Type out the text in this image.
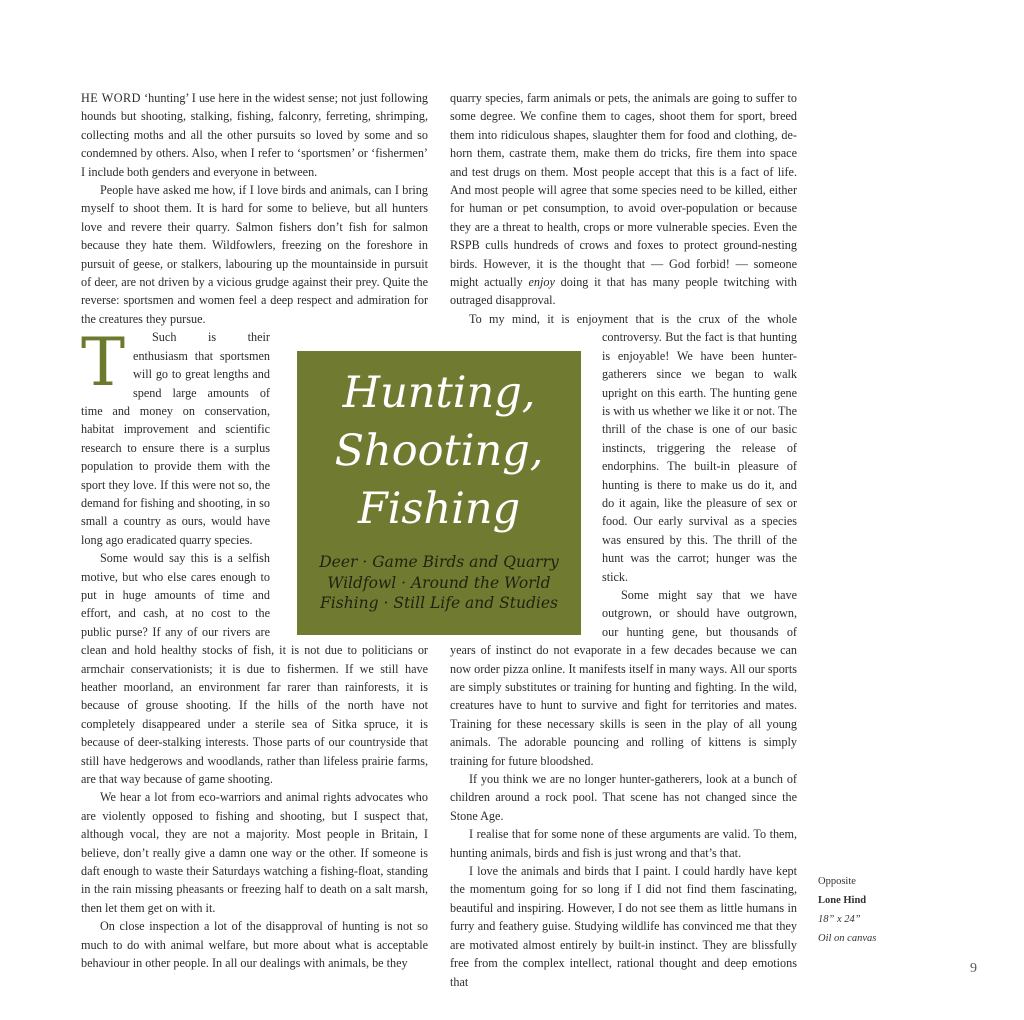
T
HE WORD ‘hunting’ I use here in the widest sense; not just following hounds but shooting, stalking, fishing, falconry, ferreting, shrimping, collecting moths and all the other pursuits so loved by some and so condemned by others. Also, when I refer to ‘sportsmen’ or ‘fishermen’ I include both genders and everyone in between.

People have asked me how, if I love birds and animals, can I bring myself to shoot them. It is hard for some to believe, but all hunters love and revere their quarry. Salmon fishers don’t fish for salmon because they hate them. Wildfowlers, freezing on the foreshore in pursuit of geese, or stalkers, labouring up the mountainside in pursuit of deer, are not driven by a vicious grudge against their prey. Quite the reverse: sportsmen and women feel a deep respect and admiration for the creatures they pursue.

Such is their enthusiasm that sportsmen will go to great lengths and spend large amounts of time and money on conservation, habitat improvement and scientific research to ensure there is a surplus population to provide them with the sport they love. If this were not so, the demand for fishing and shooting, in so small a country as ours, would have long ago eradicated quarry species.

Some would say this is a selfish motive, but who else cares enough to put in huge amounts of time and effort, and cash, at no cost to the public purse? If any of our rivers are clean and hold healthy stocks of fish, it is not due to politicians or armchair conservationists; it is due to fishermen. If we still have heather moorland, an environment far rarer than rainforests, it is because of grouse shooting. If the hills of the north have not completely disappeared under a sterile sea of Sitka spruce, it is because of deer-stalking interests. Those parts of our countryside that still have hedgerows and woodlands, rather than lifeless prairie farms, are that way because of game shooting.

We hear a lot from eco-warriors and animal rights advocates who are violently opposed to fishing and shooting, but I suspect that, although vocal, they are not a majority. Most people in Britain, I believe, don’t really give a damn one way or the other. If someone is daft enough to waste their Saturdays watching a fishing-float, standing in the rain missing pheasants or freezing half to death on a salt marsh, then let them get on with it.

On close inspection a lot of the disapproval of hunting is not so much to do with animal welfare, but more about what is acceptable behaviour in other people. In all our dealings with animals, be they

quarry species, farm animals or pets, the animals are going to suffer to some degree. We confine them to cages, shoot them for sport, breed them into ridiculous shapes, slaughter them for food and clothing, de-horn them, castrate them, make them do tricks, fire them into space and test drugs on them. Most people accept that this is a fact of life. And most people will agree that some species need to be killed, either for human or pet consumption, to avoid over-population or because they are a threat to health, crops or more vulnerable species. Even the RSPB culls hundreds of crows and foxes to protect ground-nesting birds. However, it is the thought that — God forbid! — someone might actually enjoy doing it that has many people twitching with outraged disapproval.

To my mind, it is enjoyment that is the crux of the whole controversy. But the fact is that hunting is enjoyable! We have been hunter-gatherers since we began to walk upright on this earth. The hunting gene is with us whether we like it or not. The thrill of the chase is one of our basic instincts, triggering the release of endorphins. The built-in pleasure of hunting is there to make us do it, and do it again, like the pleasure of sex or food. Our early survival as a species was ensured by this. The thrill of the hunt was the carrot; hunger was the stick.

Some might say that we have outgrown, or should have outgrown, our hunting gene, but thousands of years of instinct do not evaporate in a few decades because we can now order pizza online. It manifests itself in many ways. All our sports are simply substitutes or training for hunting and fighting. In the wild, creatures have to hunt to survive and fight for territories and mates. Training for these necessary skills is seen in the play of all young animals. The adorable pouncing and rolling of kittens is simply training for future bloodshed.

If you think we are no longer hunter-gatherers, look at a bunch of children around a rock pool. That scene has not changed since the Stone Age.

I realise that for some none of these arguments are valid. To them, hunting animals, birds and fish is just wrong and that’s that.

I love the animals and birds that I paint. I could hardly have kept the momentum going for so long if I did not find them fascinating, beautiful and inspiring. However, I do not see them as little humans in furry and feathery guise. Studying wildlife has convinced me that they are motivated almost entirely by built-in instinct. They are blissfully free from the complex intellect, rational thought and deep emotions that

Hunting,
Shooting,
Fishing
Deer · Game Birds and Quarry
Wildfowl · Around the World
Fishing · Still Life and Studies
Opposite
Lone Hind
18” x 24”
Oil on canvas
9
